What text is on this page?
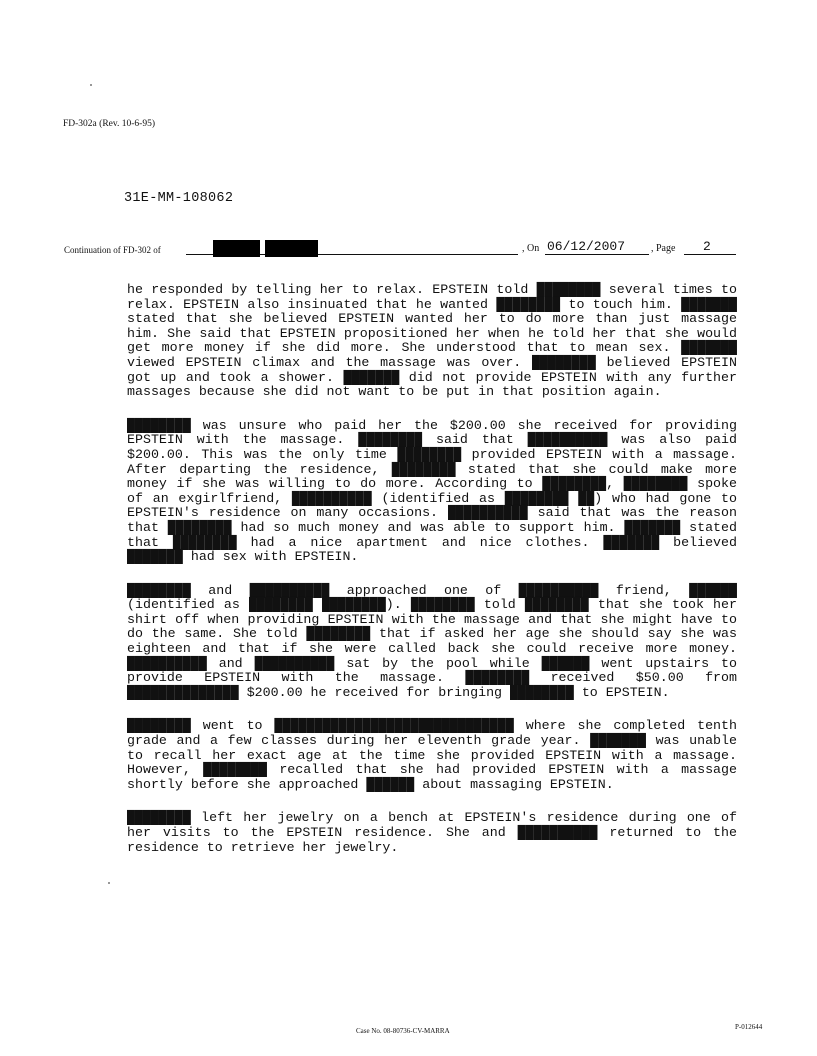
FD-302a (Rev. 10-6-95)
31E-MM-108062
Continuation of FD-302 of	, On 06/12/2007	, Page 2

he responded by telling her to relax. EPSTEIN told ████████ several times to relax. EPSTEIN also insinuated that he wanted ████████ to touch him. ███████ stated that she believed EPSTEIN wanted her to do more than just massage him. She said that EPSTEIN propositioned her when he told her that she would get more money if she did more. She understood that to mean sex. ███████ viewed EPSTEIN climax and the massage was over. ████████ believed EPSTEIN got up and took a shower. ███████ did not provide EPSTEIN with any further massages because she did not want to be put in that position again.

████████ was unsure who paid her the $200.00 she received for providing EPSTEIN with the massage. ████████ said that ██████████ was also paid $200.00. This was the only time ████████ provided EPSTEIN with a massage. After departing the residence, ████████ stated that she could make more money if she was willing to do more. According to ████████, ████████ spoke of an exgirlfriend, ██████████ (identified as ████████ ██) who had gone to EPSTEIN's residence on many occasions. ██████████ said that was the reason that ████████ had so much money and was able to support him. ███████ stated that ████████ had a nice apartment and nice clothes. ███████ believed ███████ had sex with EPSTEIN.

████████ and ██████████ approached one of ██████████ friend, ██████ (identified as ████████ ████████). ████████ told ████████ that she took her shirt off when providing EPSTEIN with the massage and that she might have to do the same. She told ████████ that if asked her age she should say she was eighteen and that if she were called back she could receive more money. ██████████ and ██████████ sat by the pool while ██████ went upstairs to provide EPSTEIN with the massage. ████████ received $50.00 from ██████████████ $200.00 he received for bringing ████████ to EPSTEIN.

████████ went to ██████████████████████████████ where she completed tenth grade and a few classes during her eleventh grade year. ███████ was unable to recall her exact age at the time she provided EPSTEIN with a massage. However, ████████ recalled that she had provided EPSTEIN with a massage shortly before she approached ██████ about massaging EPSTEIN.

████████ left her jewelry on a bench at EPSTEIN's residence during one of her visits to the EPSTEIN residence. She and ██████████ returned to the residence to retrieve her jewelry.

Case No. 08-80736-CV-MARRA	P-012644
